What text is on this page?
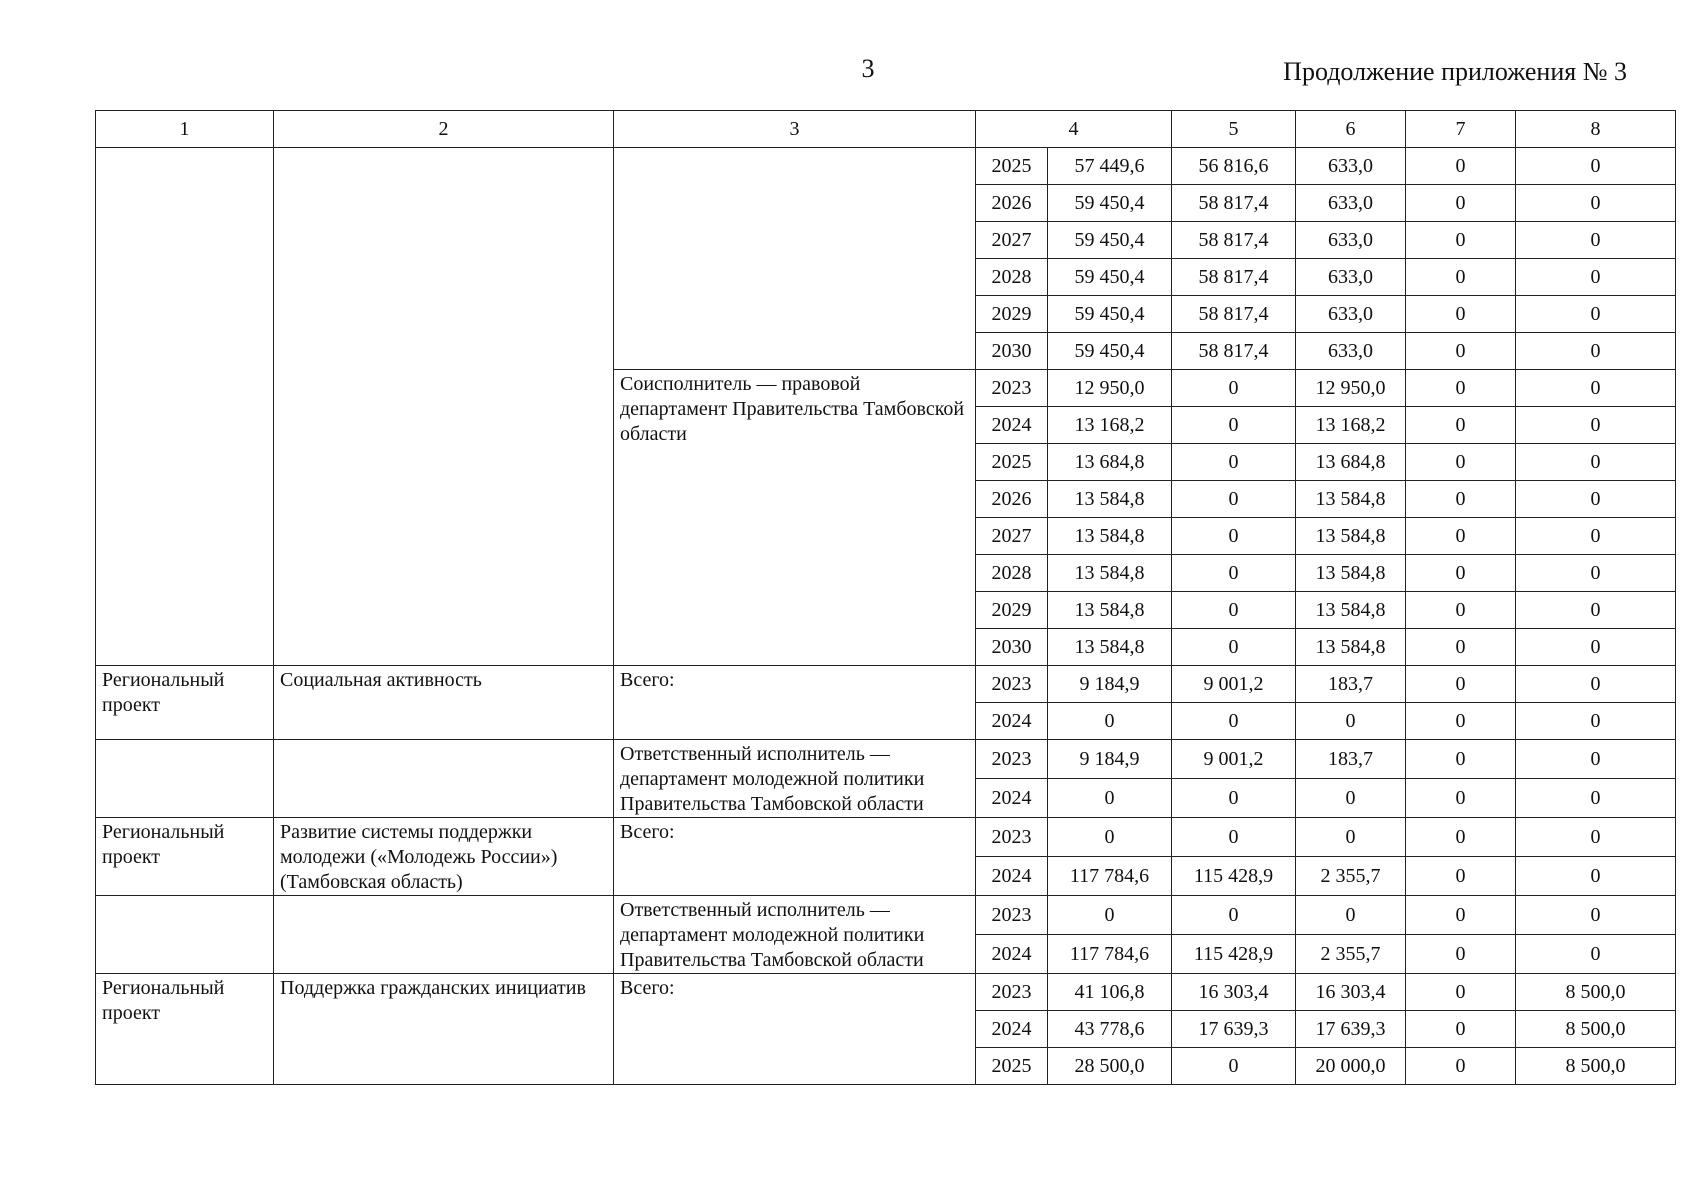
3	Продолжение приложения № 3
1	2	3	4		5	6	7	8
			2025	57 449,6	56 816,6	633,0	0	0
			2026	59 450,4	58 817,4	633,0	0	0
			2027	59 450,4	58 817,4	633,0	0	0
			2028	59 450,4	58 817,4	633,0	0	0
			2029	59 450,4	58 817,4	633,0	0	0
			2030	59 450,4	58 817,4	633,0	0	0
		Соисполнитель — правовой департамент Правительства Тамбовской области	2023	12 950,0	0	12 950,0	0	0
			2024	13 168,2	0	13 168,2	0	0
			2025	13 684,8	0	13 684,8	0	0
			2026	13 584,8	0	13 584,8	0	0
			2027	13 584,8	0	13 584,8	0	0
			2028	13 584,8	0	13 584,8	0	0
			2029	13 584,8	0	13 584,8	0	0
			2030	13 584,8	0	13 584,8	0	0
Региональный проект	Социальная активность	Всего:	2023	9 184,9	9 001,2	183,7	0	0
			2024	0	0	0	0	0
		Ответственный исполнитель — департамент молодежной политики Правительства Тамбовской области	2023	9 184,9	9 001,2	183,7	0	0
			2024	0	0	0	0	0
Региональный проект	Развитие системы поддержки молодежи («Молодежь России») (Тамбовская область)	Всего:	2023	0	0	0	0	0
			2024	117 784,6	115 428,9	2 355,7	0	0
		Ответственный исполнитель — департамент молодежной политики Правительства Тамбовской области	2023	0	0	0	0	0
			2024	117 784,6	115 428,9	2 355,7	0	0
Региональный проект	Поддержка гражданских инициатив	Всего:	2023	41 106,8	16 303,4	16 303,4	0	8 500,0
			2024	43 778,6	17 639,3	17 639,3	0	8 500,0
			2025	28 500,0	0	20 000,0	0	8 500,0
